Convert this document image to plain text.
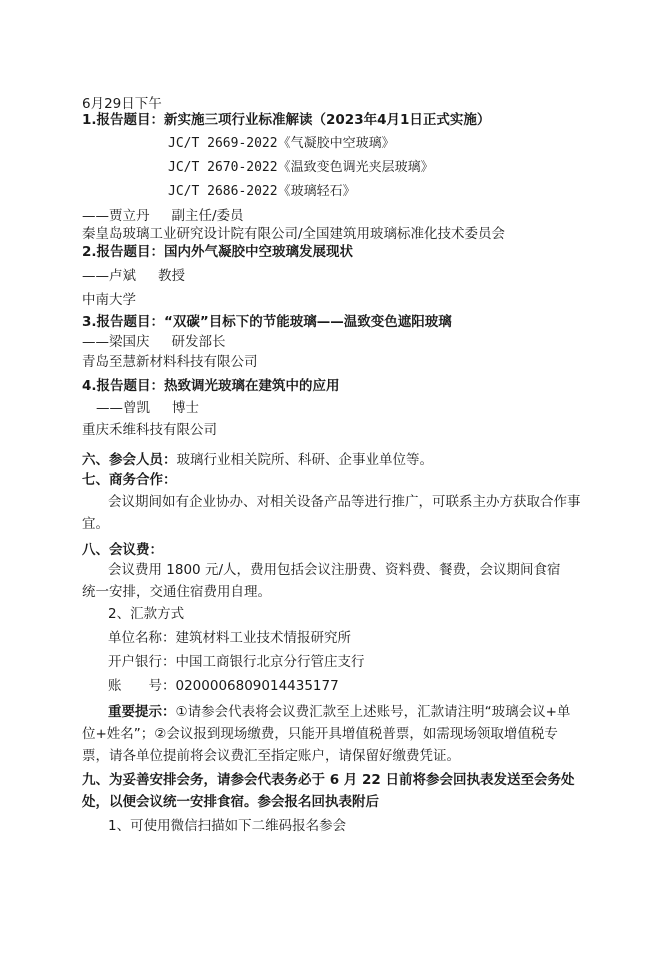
6月29日下午
1.报告题目：新实施三项行业标准解读（2023年4月1日正式实施）
JC/T 2669-2022《气凝胶中空玻璃》
JC/T 2670-2022《温致变色调光夹层玻璃》
JC/T 2686-2022《玻璃轻石》
——贾立丹 副主任/委员
秦皇岛玻璃工业研究设计院有限公司/全国建筑用玻璃标准化技术委员会
2.报告题目：国内外气凝胶中空玻璃发展现状
——卢斌 教授
中南大学
3.报告题目：“双碳”目标下的节能玻璃——温致变色遮阳玻璃
——梁国庆 研发部长
青岛至慧新材料科技有限公司
4.报告题目：热致调光玻璃在建筑中的应用
——曾凯 博士
重庆禾维科技有限公司
六、参会人员：玻璃行业相关院所、科研、企事业单位等。
七、商务合作：
会议期间如有企业协办、对相关设备产品等进行推广，可联系主办方获取合作事
宜。
八、会议费：
会议费用 1800 元/人，费用包括会议注册费、资料费、餐费，会议期间食宿
统一安排，交通住宿费用自理。
2、汇款方式
单位名称：建筑材料工业技术情报研究所
开户银行：中国工商银行北京分行管庄支行
账　　号：0200006809014435177
重要提示：①请参会代表将会议费汇款至上述账号，汇款请注明“玻璃会议+单
位+姓名”；②会议报到现场缴费，只能开具增值税普票，如需现场领取增值税专
票，请各单位提前将会议费汇至指定账户，请保留好缴费凭证。
九、为妥善安排会务，请参会代表务必于 6 月 22 日前将参会回执表发送至会务处
处，以便会议统一安排食宿。参会报名回执表附后
1、可使用微信扫描如下二维码报名参会
